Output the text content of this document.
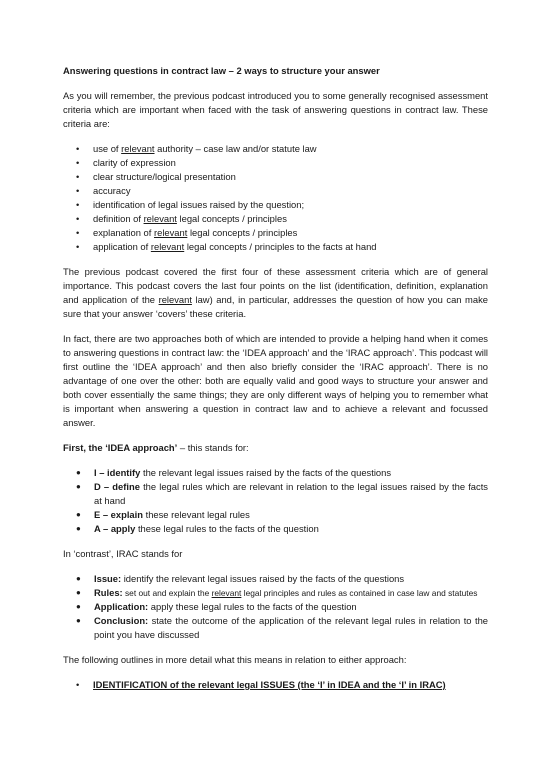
Answering questions in contract law – 2 ways to structure your answer

As you will remember, the previous podcast introduced you to some generally recognised assessment criteria which are important when faced with the task of answering questions in contract law. These criteria are:

• use of relevant authority – case law and/or statute law
• clarity of expression
• clear structure/logical presentation
• accuracy
• identification of legal issues raised by the question;
• definition of relevant legal concepts / principles
• explanation of relevant legal concepts / principles
• application of relevant legal concepts / principles to the facts at hand

The previous podcast covered the first four of these assessment criteria which are of general importance. This podcast covers the last four points on the list (identification, definition, explanation and application of the relevant law) and, in particular, addresses the question of how you can make sure that your answer ‘covers’ these criteria.

In fact, there are two approaches both of which are intended to provide a helping hand when it comes to answering questions in contract law: the ‘IDEA approach’ and the ‘IRAC approach’. This podcast will first outline the ‘IDEA approach’ and then also briefly consider the ‘IRAC approach’. There is no advantage of one over the other: both are equally valid and good ways to structure your answer and both cover essentially the same things; they are only different ways of helping you to remember what is important when answering a question in contract law and to achieve a relevant and focussed answer.

First, the ‘IDEA approach’ – this stands for:

● I – identify the relevant legal issues raised by the facts of the questions
● D – define the legal rules which are relevant in relation to the legal issues raised by the facts at hand
● E – explain these relevant legal rules
● A – apply these legal rules to the facts of the question

In ‘contrast’, IRAC stands for

● Issue: identify the relevant legal issues raised by the facts of the questions
● Rules: set out and explain the relevant legal principles and rules as contained in case law and statutes
● Application: apply these legal rules to the facts of the question
● Conclusion: state the outcome of the application of the relevant legal rules in relation to the point you have discussed

The following outlines in more detail what this means in relation to either approach:

• IDENTIFICATION of the relevant legal ISSUES (the ‘I’ in IDEA and the ‘I’ in IRAC)
